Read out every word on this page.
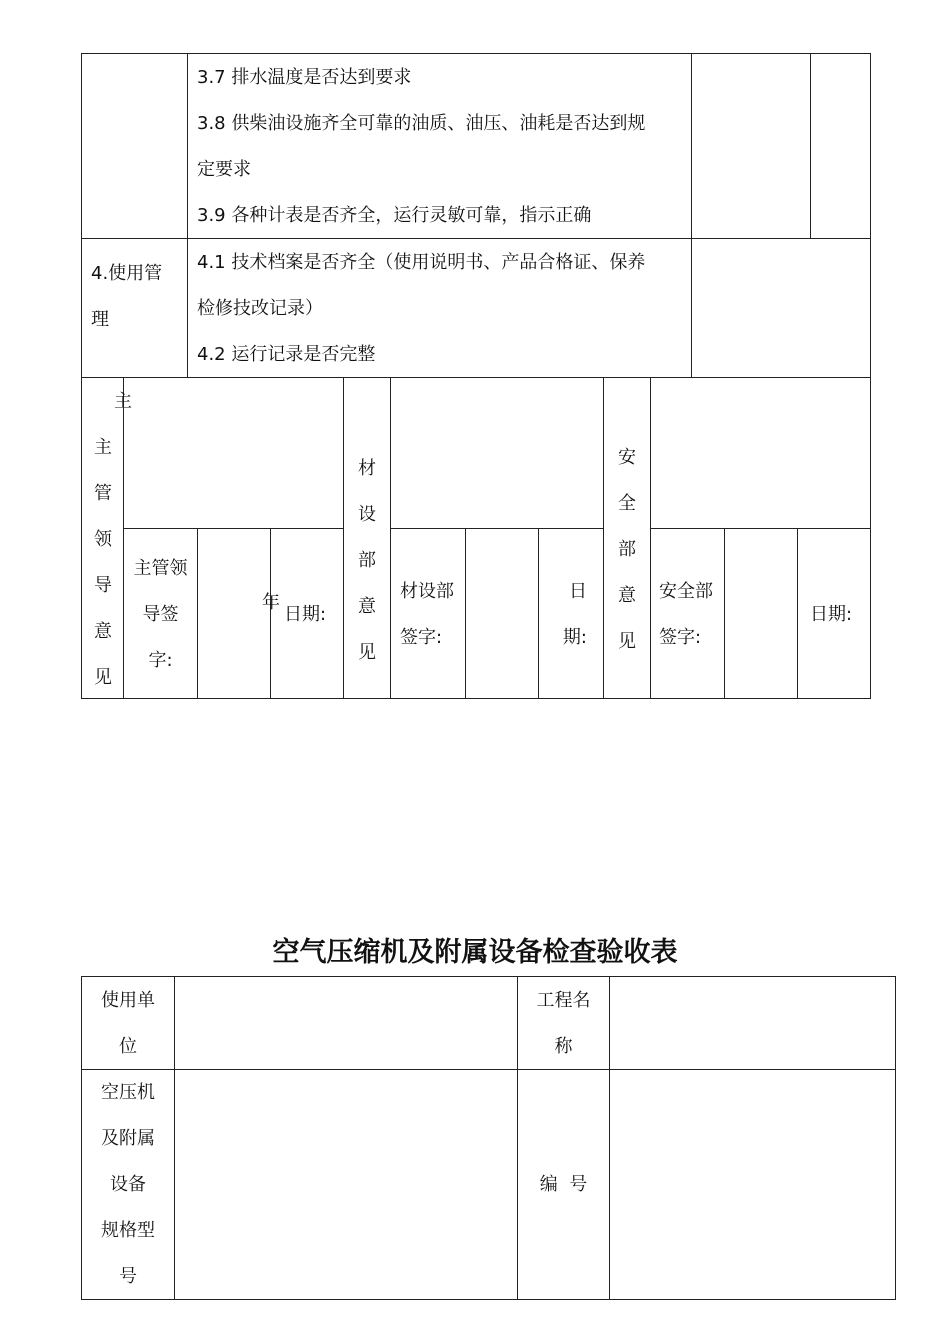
3.7 排水温度是否达到要求
3.8 供柴油设施齐全可靠的油质、油压、油耗是否达到规
定要求
3.9 各种计表是否齐全，运行灵敏可靠，指示正确
4.使用管
理
4.1 技术档案是否齐全（使用说明书、产品合格证、保养
检修技改记录）
4.2 运行记录是否完整
主
主
管
领
导
意
见
主管领
导签
字:
年
日期:
材
设
部
意
见
材设部
签字:
日
期:
安
全
部
意
见
安全部
签字:
日期:
空气压缩机及附属设备检查验收表
使用单
位
工程名
称
空压机
及附属
设备
规格型
号
编  号
